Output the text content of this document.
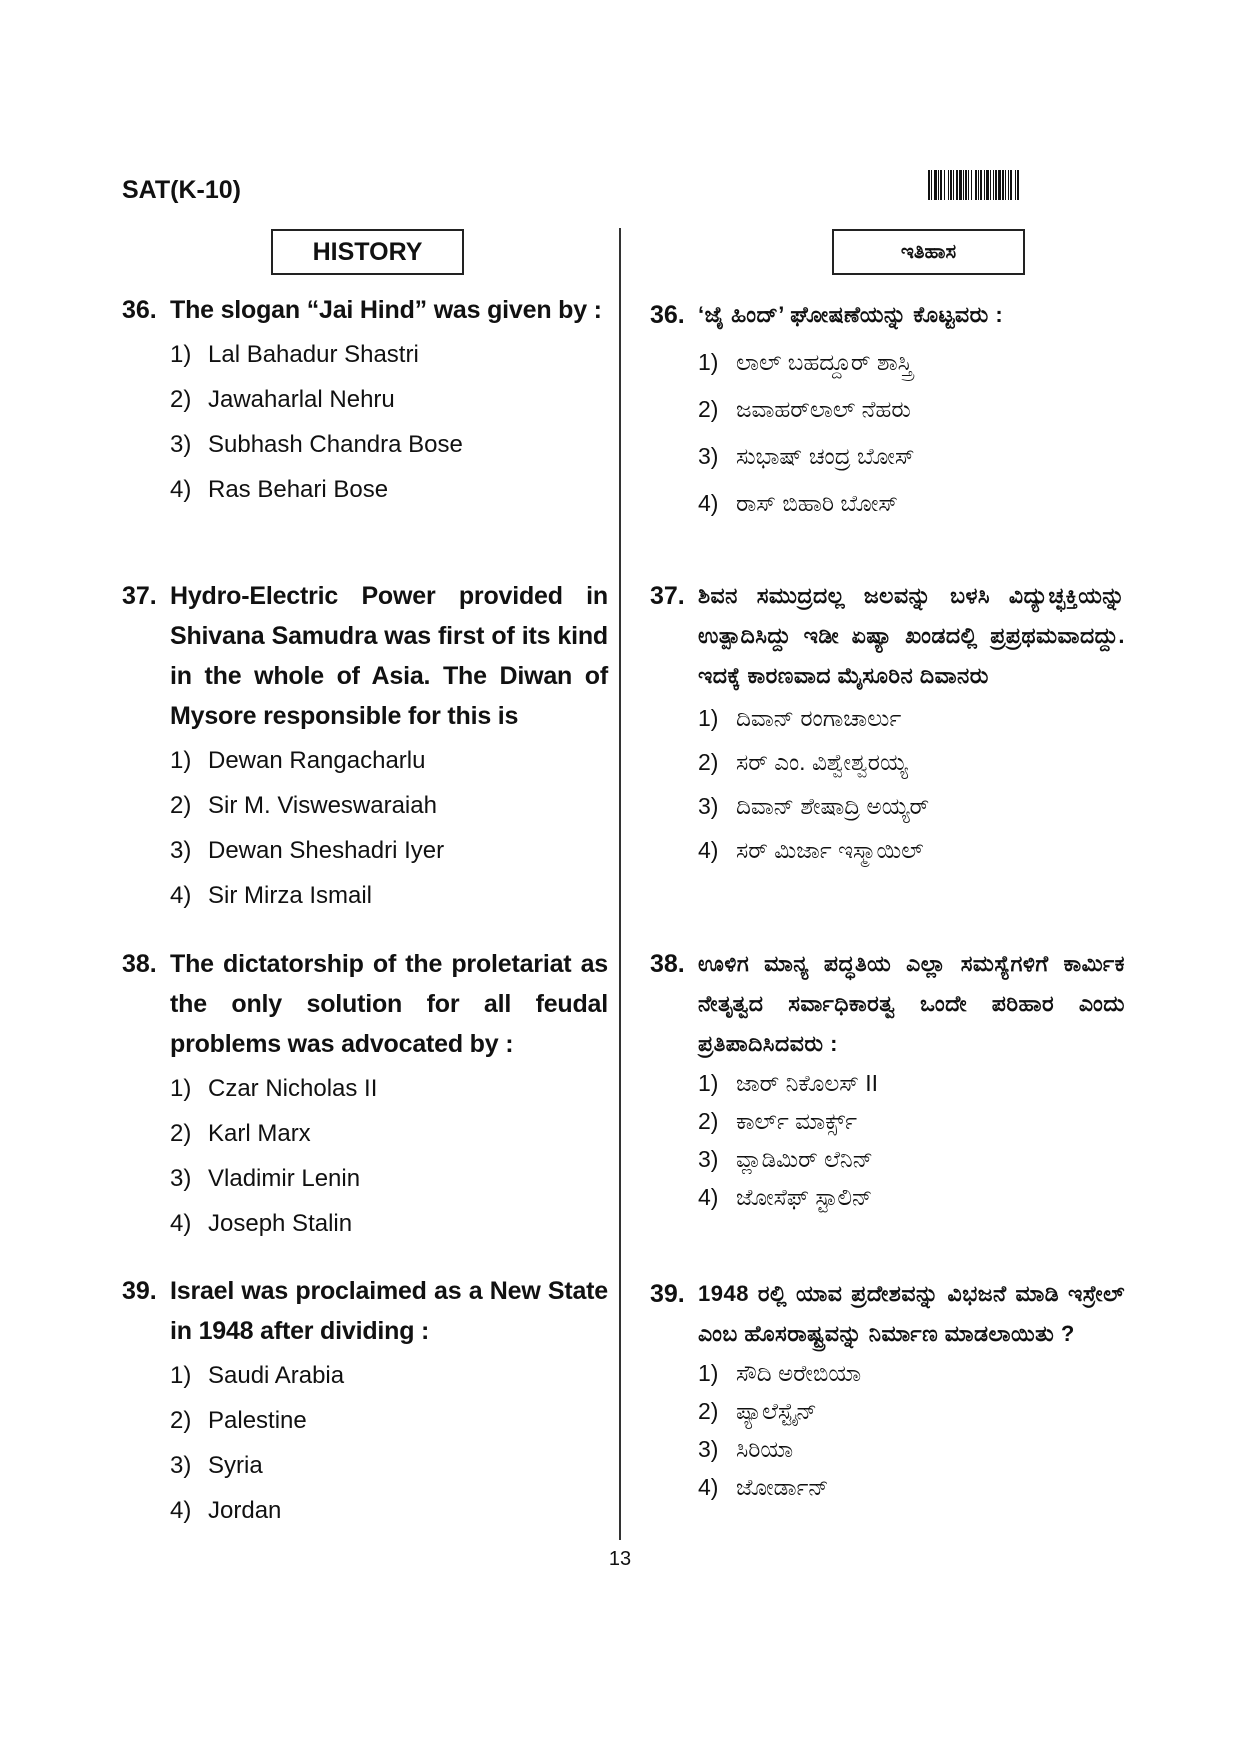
SAT(K-10)
HISTORY	ಇತಿಹಾಸ
36. The slogan “Jai Hind” was given by :
1) Lal Bahadur Shastri
2) Jawaharlal Nehru
3) Subhash Chandra Bose
4) Ras Behari Bose
37. Hydro-Electric Power provided in Shivana Samudra was first of its kind in the whole of Asia. The Diwan of Mysore responsible for this is
1) Dewan Rangacharlu
2) Sir M. Visweswaraiah
3) Dewan Sheshadri Iyer
4) Sir Mirza Ismail
38. The dictatorship of the proletariat as the only solution for all feudal problems was advocated by :
1) Czar Nicholas II
2) Karl Marx
3) Vladimir Lenin
4) Joseph Stalin
39. Israel was proclaimed as a New State in 1948 after dividing :
1) Saudi Arabia
2) Palestine
3) Syria
4) Jordan
36. ‘ಜೈ ಹಿಂದ್’ ಘೋಷಣೆಯನ್ನು ಕೊಟ್ಟವರು :
1) ಲಾಲ್ ಬಹದ್ದೂರ್ ಶಾಸ್ತ್ರಿ
2) ಜವಾಹರ್‌ಲಾಲ್ ನೆಹರು
3) ಸುಭಾಷ್ ಚಂದ್ರ ಬೋಸ್
4) ರಾಸ್ ಬಿಹಾರಿ ಬೋಸ್
37. ಶಿವನ ಸಮುದ್ರದಲ್ಲ ಜಲವನ್ನು ಬಳಸಿ ವಿದ್ಯುಚ್ಛಕ್ತಿಯನ್ನು ಉತ್ಪಾದಿಸಿದ್ದು ಇಡೀ ಏಷ್ಯಾ ಖಂಡದಲ್ಲಿ ಪ್ರಪ್ರಥಮವಾದದ್ದು. ಇದಕ್ಕೆ ಕಾರಣವಾದ ಮೈಸೂರಿನ ದಿವಾನರು
1) ದಿವಾನ್ ರಂಗಾಚಾರ್ಲು
2) ಸರ್ ಎಂ. ವಿಶ್ವೇಶ್ವರಯ್ಯ
3) ದಿವಾನ್ ಶೇಷಾದ್ರಿ ಅಯ್ಯರ್
4) ಸರ್ ಮಿರ್ಜಾ ಇಸ್ಮಾಯಿಲ್
38. ಊಳಿಗ ಮಾನ್ಯ ಪದ್ಧತಿಯ ಎಲ್ಲಾ ಸಮಸ್ಯೆಗಳಿಗೆ ಕಾರ್ಮಿಕ ನೇತೃತ್ವದ ಸರ್ವಾಧಿಕಾರತ್ವ ಒಂದೇ ಪರಿಹಾರ ಎಂದು ಪ್ರತಿಪಾದಿಸಿದವರು :
1) ಜಾರ್ ನಿಕೊಲಸ್ II
2) ಕಾರ್ಲ್ ಮಾರ್ಕ್ಸ್
3) ವ್ಲಾಡಿಮಿರ್ ಲೆನಿನ್
4) ಜೋಸೆಫ್ ಸ್ಟಾಲಿನ್
39. 1948 ರಲ್ಲಿ ಯಾವ ಪ್ರದೇಶವನ್ನು ವಿಭಜನೆ ಮಾಡಿ ಇಸ್ರೇಲ್ ಎಂಬ ಹೊಸರಾಷ್ಟ್ರವನ್ನು ನಿರ್ಮಾಣ ಮಾಡಲಾಯಿತು ?
1) ಸೌದಿ ಅರೇಬಿಯಾ
2) ಪ್ಯಾಲೆಸ್ಟೈನ್
3) ಸಿರಿಯಾ
4) ಜೋರ್ಡಾನ್
13
